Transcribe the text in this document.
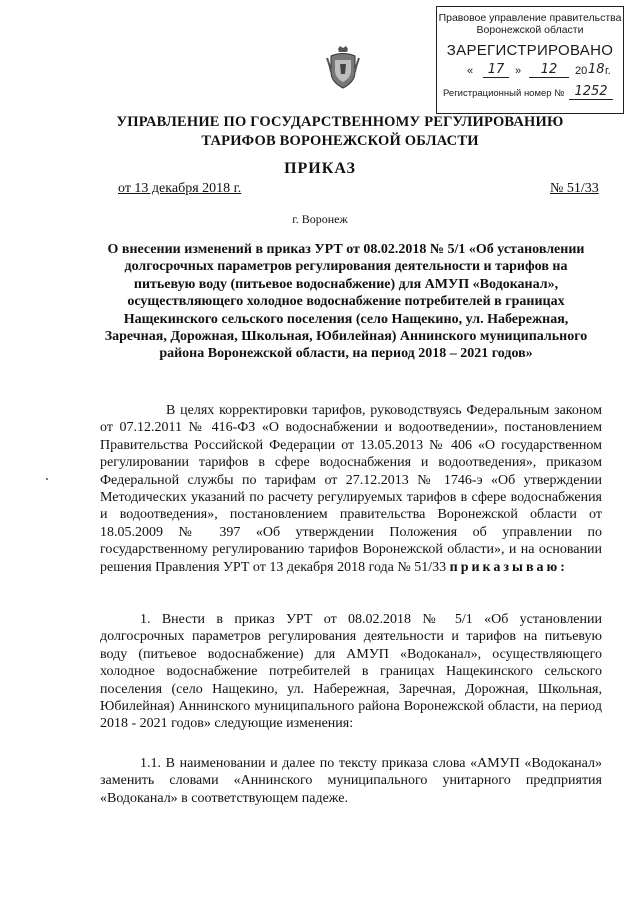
Правовое управление правительства
Воронежской области
ЗАРЕГИСТРИРОВАНО
«	17 »	12	20 18 г.
Регистрационный номер № 1252
УПРАВЛЕНИЕ ПО ГОСУДАРСТВЕННОМУ РЕГУЛИРОВАНИЮ
ТАРИФОВ ВОРОНЕЖСКОЙ ОБЛАСТИ
ПРИКАЗ
от 13 декабря 2018 г.	№ 51/33
г. Воронеж
О внесении изменений в приказ УРТ от 08.02.2018 № 5/1 «Об установлении долгосрочных параметров регулирования деятельности и тарифов на питьевую воду (питьевое водоснабжение) для АМУП «Водоканал», осуществляющего холодное водоснабжение потребителей в границах Нащекинского сельского поселения (село Нащекино, ул. Набережная, Заречная, Дорожная, Школьная, Юбилейная) Аннинского муниципального района Воронежской области, на период 2018 – 2021 годов»
В целях корректировки тарифов, руководствуясь Федеральным законом от 07.12.2011 № 416-ФЗ «О водоснабжении и водоотведении», постановлением Правительства Российской Федерации от 13.05.2013 № 406 «О государственном регулировании тарифов в сфере водоснабжения и водоотведения», приказом Федеральной службы по тарифам от 27.12.2013 № 1746-э «Об утверждении Методических указаний по расчету регулируемых тарифов в сфере водоснабжения и водоотведения», постановлением правительства Воронежской области от 18.05.2009 № 397 «Об утверждении Положения об управлении по государственному регулированию тарифов Воронежской области», и на основании решения Правления УРТ от 13 декабря 2018 года № 51/33 приказываю:
1. Внести в приказ УРТ от 08.02.2018 № 5/1 «Об установлении долгосрочных параметров регулирования деятельности и тарифов на питьевую воду (питьевое водоснабжение) для АМУП «Водоканал», осуществляющего холодное водоснабжение потребителей в границах Нащекинского сельского поселения (село Нащекино, ул. Набережная, Заречная, Дорожная, Школьная, Юбилейная) Аннинского муниципального района Воронежской области, на период 2018 - 2021 годов» следующие изменения:
1.1. В наименовании и далее по тексту приказа слова «АМУП «Водоканал» заменить словами «Аннинского муниципального унитарного предприятия «Водоканал» в соответствующем падеже.
